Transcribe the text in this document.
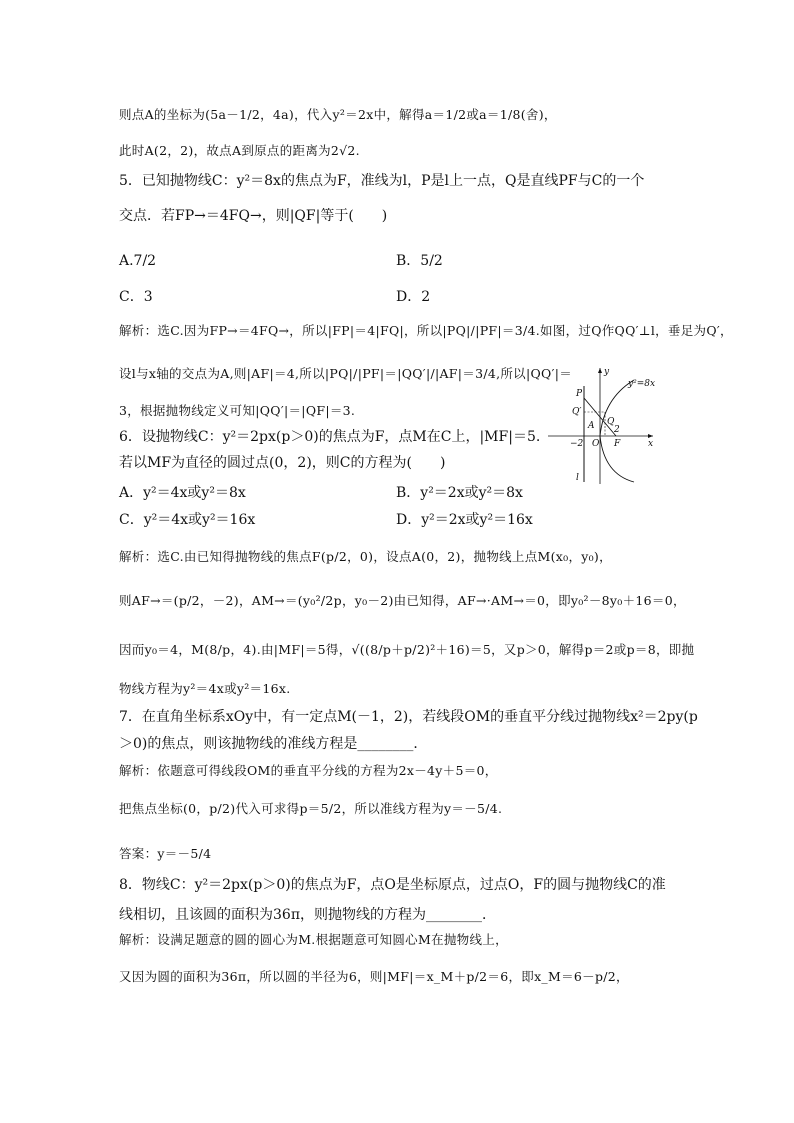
则点A的坐标为(5a－1/2，4a)，代入y²＝2x中，解得a＝1/2或a＝1/8(舍)，
此时A(2，2)，故点A到原点的距离为2√2.
5．已知抛物线C：y²＝8x的焦点为F，准线为l，P是l上一点，Q是直线PF与C的一个
交点．若FP→＝4FQ→，则|QF|等于(　　)
A.7/2	B．5/2
C．3	D．2
解析：选C.因为FP→＝4FQ→，所以|FP|＝4|FQ|，所以|PQ|/|PF|＝3/4.如图，过Q作QQ′⊥l，垂足为Q′，
设l与x轴的交点为A,则|AF|＝4,所以|PQ|/|PF|＝|QQ′|/|AF|＝3/4,所以|QQ′|＝
3，根据抛物线定义可知|QQ′|＝|QF|＝3.
y²=8x
P
Q′
A Q
−2 O F
2
x
y
l
6．设抛物线C：y²＝2px(p＞0)的焦点为F，点M在C上，|MF|＝5.
若以MF为直径的圆过点(0，2)，则C的方程为(　　)
A．y²＝4x或y²＝8x	B．y²＝2x或y²＝8x
C．y²＝4x或y²＝16x	D．y²＝2x或y²＝16x
解析：选C.由已知得抛物线的焦点F(p/2，0)，设点A(0，2)，抛物线上点M(x₀，y₀)，
则AF→＝(p/2，－2)，AM→＝(y₀²/2p，y₀－2)由已知得，AF→·AM→＝0，即y₀²－8y₀＋16＝0，
因而y₀＝4，M(8/p，4).由|MF|＝5得，√((8/p＋p/2)²＋16)＝5，又p＞0，解得p＝2或p＝8，即抛
物线方程为y²＝4x或y²＝16x.
7．在直角坐标系xOy中，有一定点M(－1，2)，若线段OM的垂直平分线过抛物线x²＝2py(p
＞0)的焦点，则该抛物线的准线方程是________．
解析：依题意可得线段OM的垂直平分线的方程为2x－4y＋5＝0，
把焦点坐标(0，p/2)代入可求得p＝5/2，所以准线方程为y＝－5/4.
答案：y＝－5/4
8．物线C：y²＝2px(p＞0)的焦点为F，点O是坐标原点，过点O，F的圆与抛物线C的准
线相切，且该圆的面积为36π，则抛物线的方程为________．
解析：设满足题意的圆的圆心为M.根据题意可知圆心M在抛物线上，
又因为圆的面积为36π，所以圆的半径为6，则|MF|＝x_M＋p/2＝6，即x_M＝6－p/2，
